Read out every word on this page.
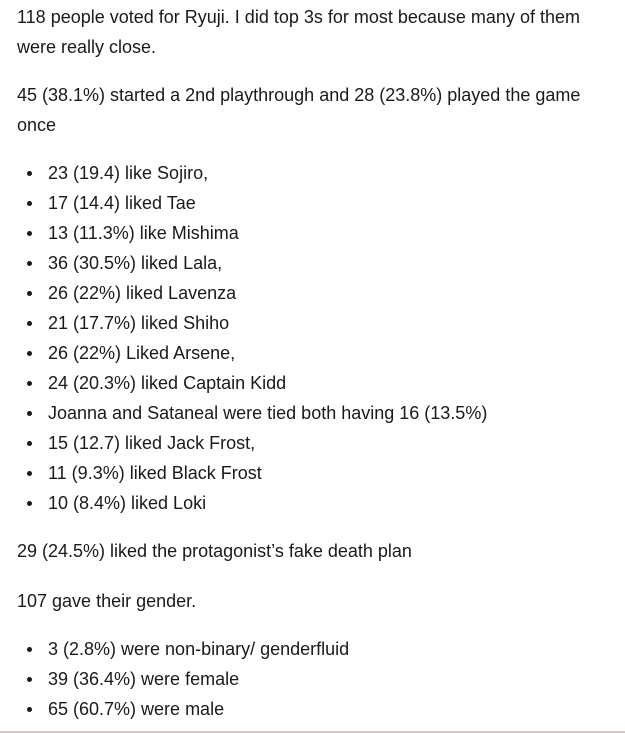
118 people voted for Ryuji. I did top 3s for most because many of them were really close.

45 (38.1%) started a 2nd playthrough and 28 (23.8%) played the game once

23 (19.4) like Sojiro,
17 (14.4) liked Tae
13 (11.3%) like Mishima
36 (30.5%) liked Lala,
26 (22%) liked Lavenza
21 (17.7%) liked Shiho
26 (22%) Liked Arsene,
24 (20.3%) liked Captain Kidd
Joanna and Sataneal were tied both having 16 (13.5%)
15 (12.7) liked Jack Frost,
11 (9.3%) liked Black Frost
10 (8.4%) liked Loki

29 (24.5%) liked the protagonist’s fake death plan

107 gave their gender.

3 (2.8%) were non-binary/ genderfluid
39 (36.4%) were female
65 (60.7%) were male
